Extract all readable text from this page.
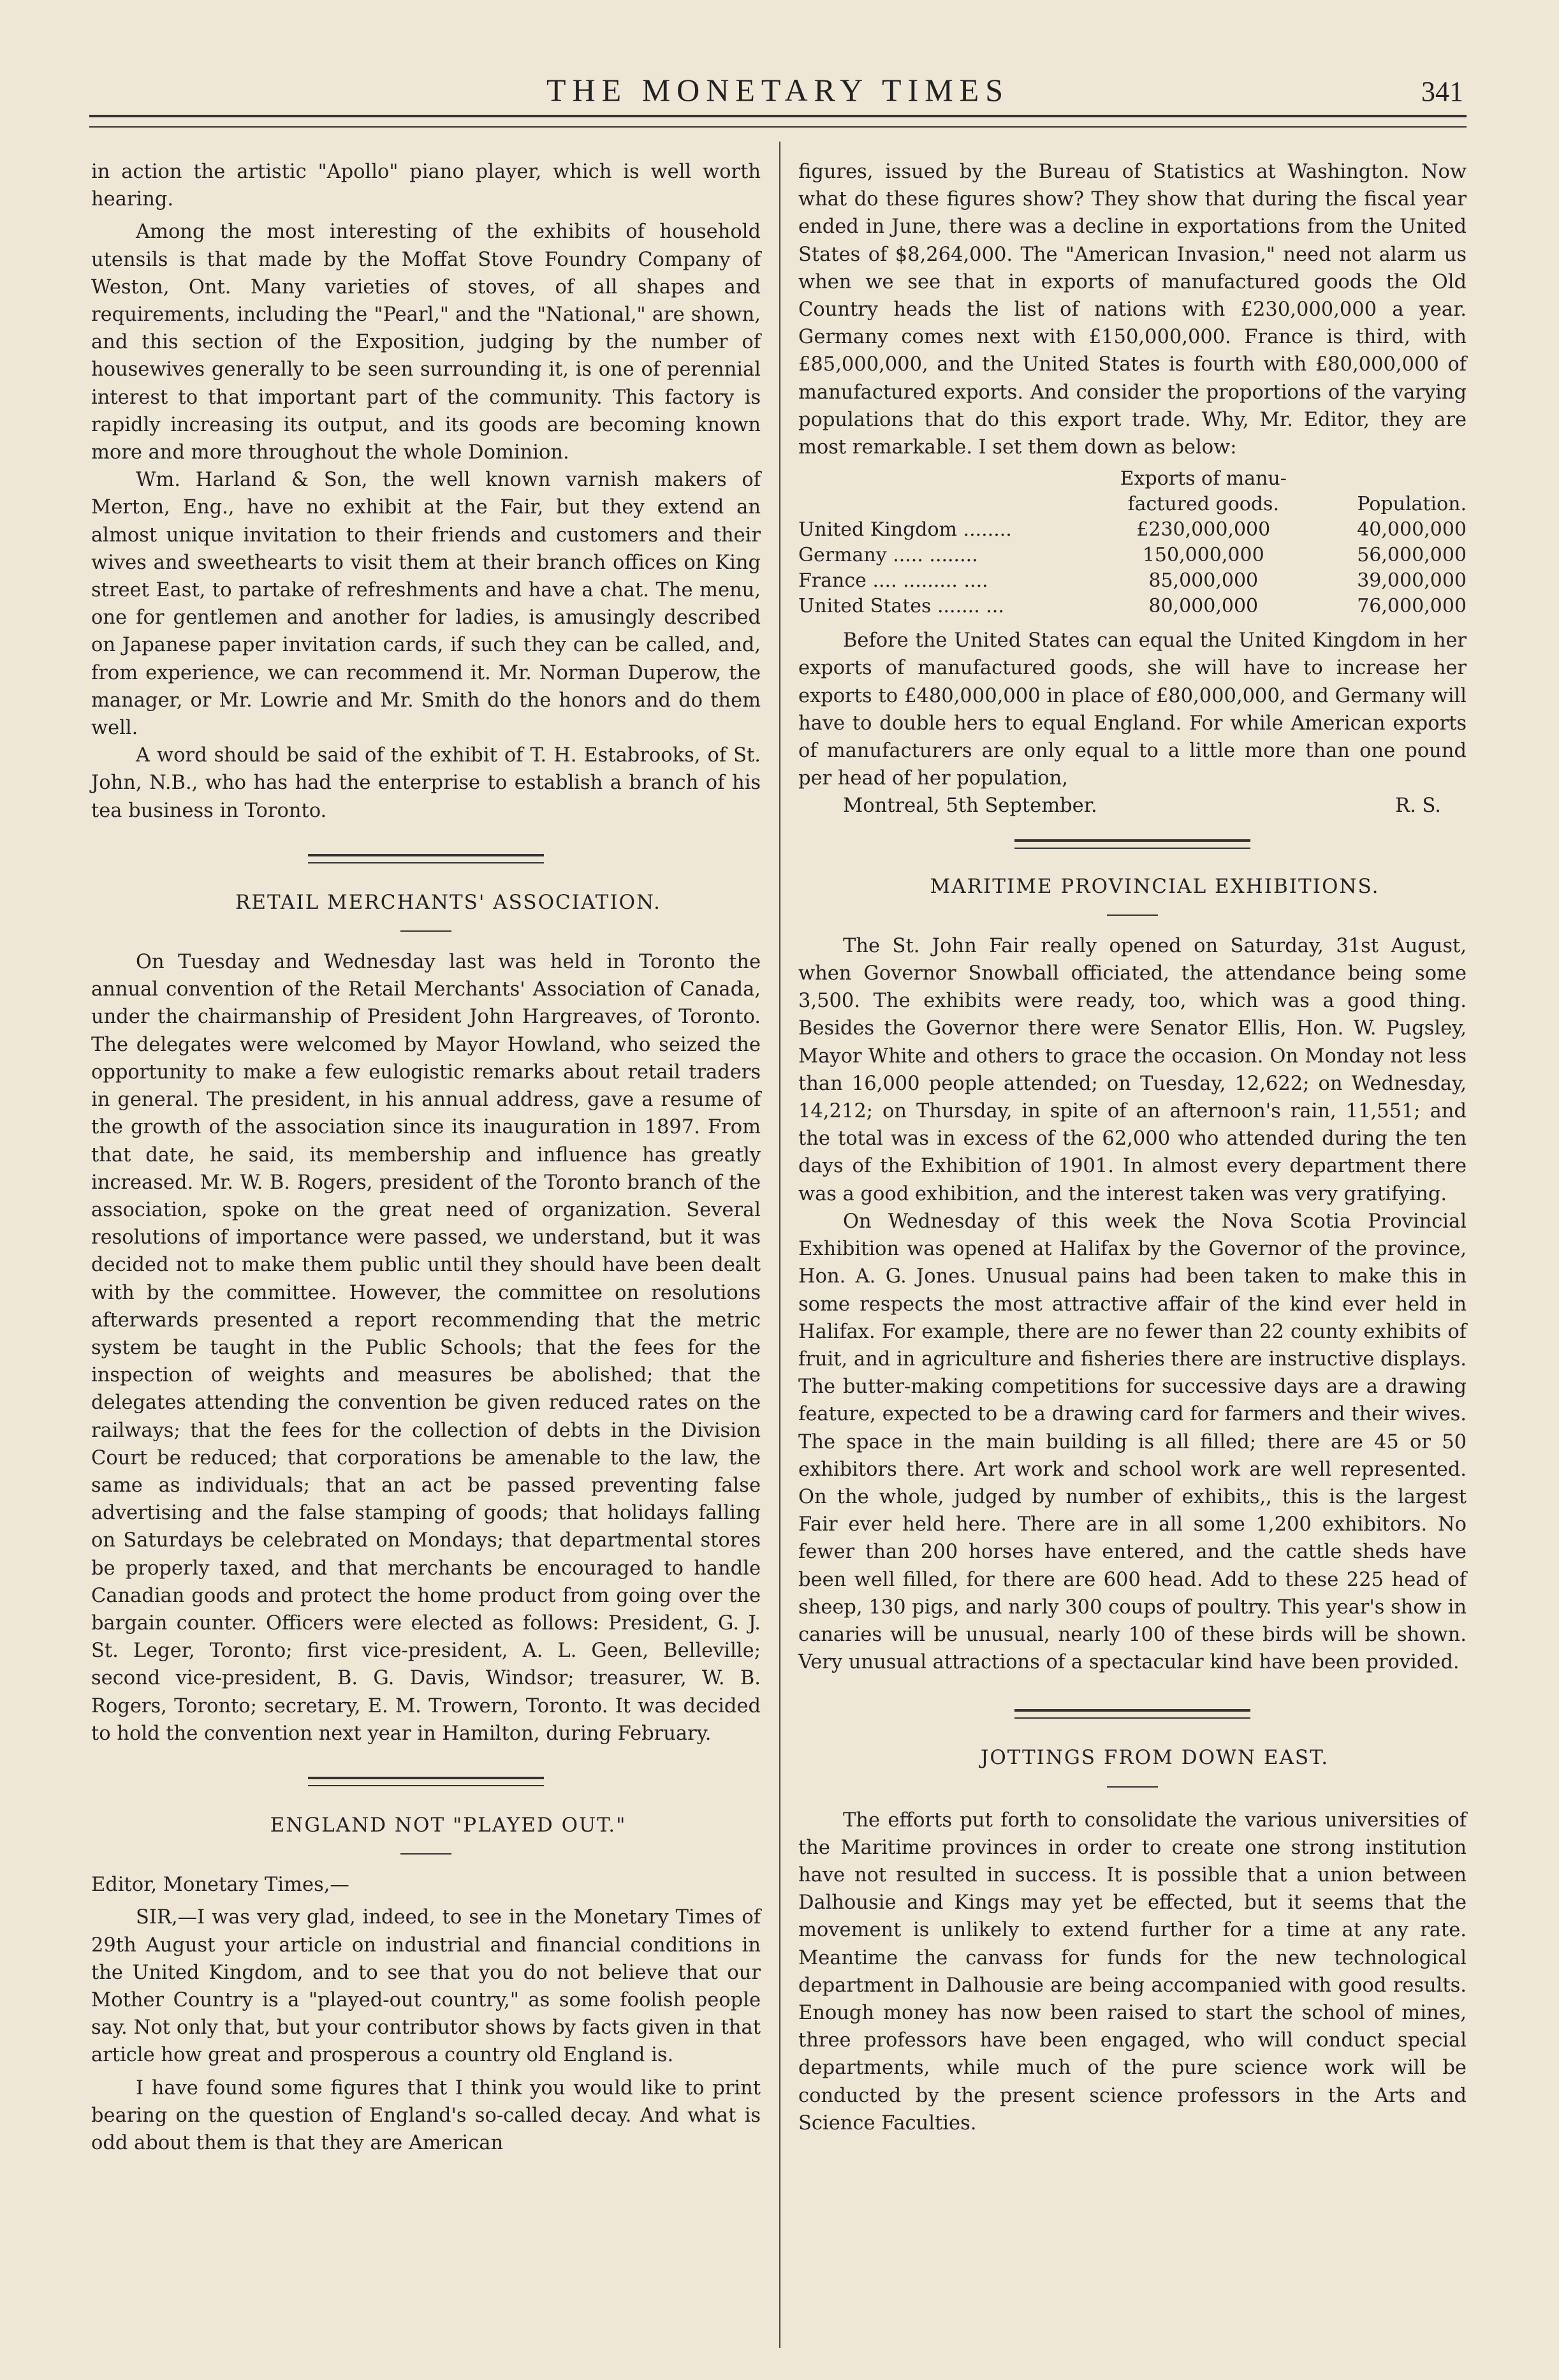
THE MONETARY TIMES	341

in action the artistic "Apollo" piano player, which is well worth hearing.

Among the most interesting of the exhibits of household utensils is that made by the Moffat Stove Foundry Company of Weston, Ont. Many varieties of stoves, of all shapes and requirements, including the "Pearl," and the "National," are shown, and this section of the Exposition, judging by the number of housewives generally to be seen surrounding it, is one of perennial interest to that important part of the community. This factory is rapidly increasing its output, and its goods are becoming known more and more throughout the whole Dominion.

Wm. Harland & Son, the well known varnish makers of Merton, Eng., have no exhibit at the Fair, but they extend an almost unique invitation to their friends and customers and their wives and sweethearts to visit them at their branch offices on King street East, to partake of refreshments and have a chat. The menu, one for gentlemen and another for ladies, is amusingly described on Japanese paper invitation cards, if such they can be called, and, from experience, we can recommend it. Mr. Norman Duperow, the manager, or Mr. Lowrie and Mr. Smith do the honors and do them well.

A word should be said of the exhibit of T. H. Estabrooks, of St. John, N.B., who has had the enterprise to establish a branch of his tea business in Toronto.

RETAIL MERCHANTS' ASSOCIATION.

On Tuesday and Wednesday last was held in Toronto the annual convention of the Retail Merchants' Association of Canada, under the chairmanship of President John Hargreaves, of Toronto. The delegates were welcomed by Mayor Howland, who seized the opportunity to make a few eulogistic remarks about retail traders in general. The president, in his annual address, gave a resume of the growth of the association since its inauguration in 1897. From that date, he said, its membership and influence has greatly increased. Mr. W. B. Rogers, president of the Toronto branch of the association, spoke on the great need of organization. Several resolutions of importance were passed, we understand, but it was decided not to make them public until they should have been dealt with by the committee. However, the committee on resolutions afterwards presented a report recommending that the metric system be taught in the Public Schools; that the fees for the inspection of weights and measures be abolished; that the delegates attending the convention be given reduced rates on the railways; that the fees for the collection of debts in the Division Court be reduced; that corporations be amenable to the law, the same as individuals; that an act be passed preventing false advertising and the false stamping of goods; that holidays falling on Saturdays be celebrated on Mondays; that departmental stores be properly taxed, and that merchants be encouraged to handle Canadian goods and protect the home product from going over the bargain counter. Officers were elected as follows: President, G. J. St. Leger, Toronto; first vice-president, A. L. Geen, Belleville; second vice-president, B. G. Davis, Windsor; treasurer, W. B. Rogers, Toronto; secretary, E. M. Trowern, Toronto. It was decided to hold the convention next year in Hamilton, during February.

ENGLAND NOT "PLAYED OUT."

Editor, Monetary Times,—

SIR,—I was very glad, indeed, to see in the Monetary Times of 29th August your article on industrial and financial conditions in the United Kingdom, and to see that you do not believe that our Mother Country is a "played-out country," as some foolish people say. Not only that, but your contributor shows by facts given in that article how great and prosperous a country old England is.

I have found some figures that I think you would like to print bearing on the question of England's so-called decay. And what is odd about them is that they are American

figures, issued by the Bureau of Statistics at Washington. Now what do these figures show? They show that during the fiscal year ended in June, there was a decline in exportations from the United States of $8,264,000. The "American Invasion," need not alarm us when we see that in exports of manufactured goods the Old Country heads the list of nations with £230,000,000 a year. Germany comes next with £150,000,000. France is third, with £85,000,000, and the United States is fourth with £80,000,000 of manufactured exports. And consider the proportions of the varying populations that do this export trade. Why, Mr. Editor, they are most remarkable. I set them down as below:

	Exports of manu-	
	factured goods.	Population.
United Kingdom ........	£230,000,000	40,000,000
Germany ..... ........	150,000,000	56,000,000
France .... ......... ....	85,000,000	39,000,000
United States ....... ...	80,000,000	76,000,000

Before the United States can equal the United Kingdom in her exports of manufactured goods, she will have to increase her exports to £480,000,000 in place of £80,000,000, and Germany will have to double hers to equal England. For while American exports of manufacturers are only equal to a little more than one pound per head of her population,

Montreal, 5th September.	R. S.

MARITIME PROVINCIAL EXHIBITIONS.

The St. John Fair really opened on Saturday, 31st August, when Governor Snowball officiated, the attendance being some 3,500. The exhibits were ready, too, which was a good thing. Besides the Governor there were Senator Ellis, Hon. W. Pugsley, Mayor White and others to grace the occasion. On Monday not less than 16,000 people attended; on Tuesday, 12,622; on Wednesday, 14,212; on Thursday, in spite of an afternoon's rain, 11,551; and the total was in excess of the 62,000 who attended during the ten days of the Exhibition of 1901. In almost every department there was a good exhibition, and the interest taken was very gratifying.

On Wednesday of this week the Nova Scotia Provincial Exhibition was opened at Halifax by the Governor of the province, Hon. A. G. Jones. Unusual pains had been taken to make this in some respects the most attractive affair of the kind ever held in Halifax. For example, there are no fewer than 22 county exhibits of fruit, and in agriculture and fisheries there are instructive displays. The butter-making competitions for successive days are a drawing feature, expected to be a drawing card for farmers and their wives. The space in the main building is all filled; there are 45 or 50 exhibitors there. Art work and school work are well represented. On the whole, judged by number of exhibits,, this is the largest Fair ever held here. There are in all some 1,200 exhibitors. No fewer than 200 horses have entered, and the cattle sheds have been well filled, for there are 600 head. Add to these 225 head of sheep, 130 pigs, and narly 300 coups of poultry. This year's show in canaries will be unusual, nearly 100 of these birds will be shown. Very unusual attractions of a spectacular kind have been provided.

JOTTINGS FROM DOWN EAST.

The efforts put forth to consolidate the various universities of the Maritime provinces in order to create one strong institution have not resulted in success. It is possible that a union between Dalhousie and Kings may yet be effected, but it seems that the movement is unlikely to extend further for a time at any rate. Meantime the canvass for funds for the new technological department in Dalhousie are being accompanied with good results. Enough money has now been raised to start the school of mines, three professors have been engaged, who will conduct special departments, while much of the pure science work will be conducted by the present science professors in the Arts and Science Faculties.
